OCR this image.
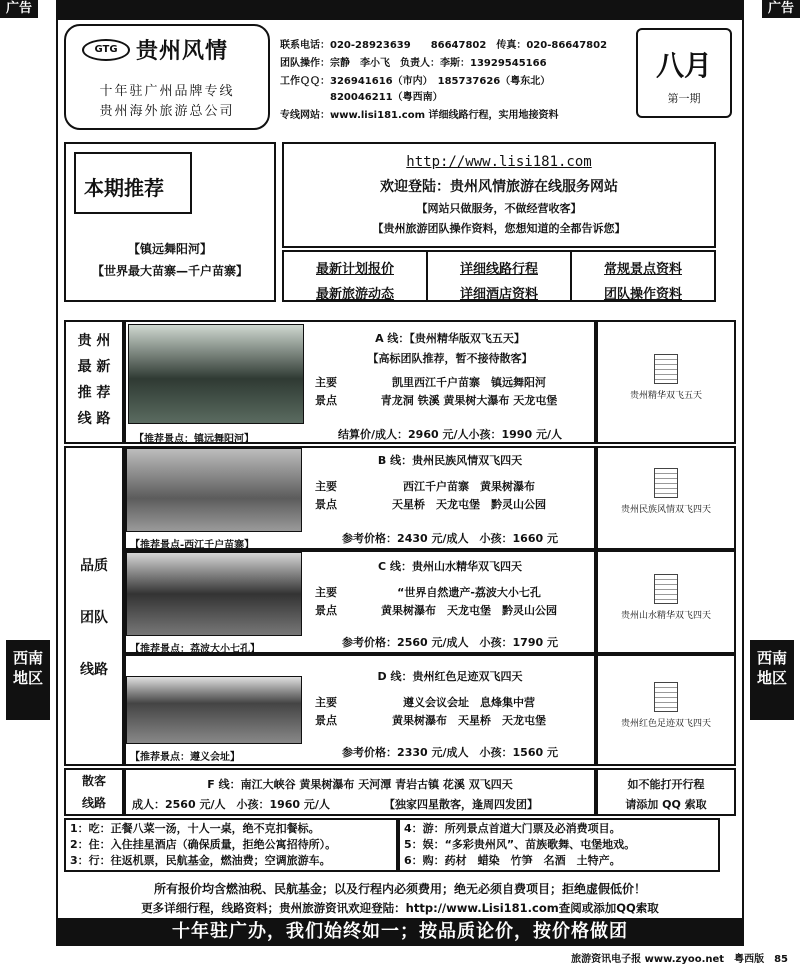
广告	广告
GTG 贵州风情
十年驻广州品牌专线
贵州海外旅游总公司
联系电话：020-28923639　　86647802　传真：020-86647802
团队操作：宗静　李小飞　负责人：李斯：13929545166
工作ＱＱ：326941616（市内）　185737626（粤东北）
　　　　　820046211（粤西南）
专线网站：www.lisi181.com 详细线路行程，实用地接资料
八月
第一期
本期推荐
【镇远舞阳河】
【世界最大苗寨—千户苗寨】
http://www.lisi181.com
欢迎登陆：贵州风情旅游在线服务网站
【网站只做服务，不做经营收客】
【贵州旅游团队操作资料，您想知道的全都告诉您】
最新计划报价
最新旅游动态
详细线路行程
详细酒店资料
常规景点资料
团队操作资料
贵 州
最 新
推 荐
线 路
【推荐景点：镇远舞阳河】
A 线：【贵州精华版双飞五天】
【高标团队推荐，暂不接待散客】
主要
景点
凯里西江千户苗寨　镇远舞阳河
青龙洞 铁溪 黄果树大瀑布 天龙屯堡
结算价/成人：2960 元/人小孩：1990 元/人
贵州精华双飞五天
品质
团队
线路
【推荐景点-西江千户苗寨】
B 线：贵州民族风情双飞四天
主要
景点
西江千户苗寨　黄果树瀑布
天星桥　天龙屯堡　黔灵山公园
参考价格：2430 元/成人　小孩：1660 元
贵州民族风情双飞四天
【推荐景点：荔波大小七孔】
C 线：贵州山水精华双飞四天
主要
景点
“世界自然遗产-荔波大小七孔
黄果树瀑布　天龙屯堡　黔灵山公园
参考价格：2560 元/成人　小孩：1790 元
贵州山水精华双飞四天
【推荐景点：遵义会址】
D 线：贵州红色足迹双飞四天
主要
景点
遵义会议会址　息烽集中营
黄果树瀑布　天星桥　天龙屯堡
参考价格：2330 元/成人　小孩：1560 元
贵州红色足迹双飞四天
散客
线路
F 线：南江大峡谷 黄果树瀑布 天河潭 青岩古镇 花溪 双飞四天
成人：2560 元/人　小孩：1960 元/人	【独家四星散客，逢周四发团】
如不能打开行程
请添加 QQ 索取
1：吃：正餐八菜一汤，十人一桌，绝不克扣餐标。
2：住：入住挂星酒店（确保质量，拒绝公寓招待所）。
3：行：往返机票，民航基金，燃油费；空调旅游车。
4：游：所列景点首道大门票及必消费项目。
5：娱：“多彩贵州风”、苗族歌舞、屯堡地戏。
6：购：药材　蜡染　竹笋　名酒　土特产。
所有报价均含燃油税、民航基金；以及行程内必须费用；绝无必须自费项目；拒绝虚假低价！
更多详细行程，线路资料；贵州旅游资讯欢迎登陆：http://www.Lisi181.com查阅或添加QQ索取
十年驻广办，我们始终如一；按品质论价，按价格做团
西南地区
西南地区
旅游资讯电子报 www.zyoo.net　粤西版　85
